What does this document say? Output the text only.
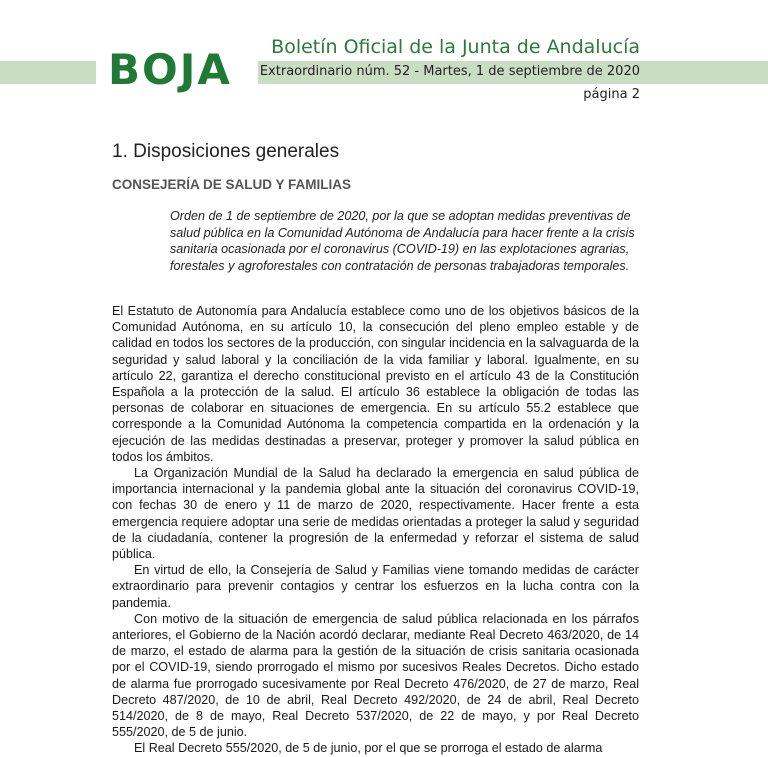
BOJA Boletín Oficial de la Junta de Andalucía
Extraordinario núm. 52 - Martes, 1 de septiembre de 2020
página 2
1. Disposiciones generales
CONSEJERÍA DE SALUD Y FAMILIAS
Orden de 1 de septiembre de 2020, por la que se adoptan medidas preventivas de salud pública en la Comunidad Autónoma de Andalucía para hacer frente a la crisis sanitaria ocasionada por el coronavirus (COVID-19) en las explotaciones agrarias, forestales y agroforestales con contratación de personas trabajadoras temporales.

El Estatuto de Autonomía para Andalucía establece como uno de los objetivos básicos de la Comunidad Autónoma, en su artículo 10, la consecución del pleno empleo estable y de calidad en todos los sectores de la producción, con singular incidencia en la salvaguarda de la seguridad y salud laboral y la conciliación de la vida familiar y laboral. Igualmente, en su artículo 22, garantiza el derecho constitucional previsto en el artículo 43 de la Constitución Española a la protección de la salud. El artículo 36 establece la obligación de todas las personas de colaborar en situaciones de emergencia. En su artículo 55.2 establece que corresponde a la Comunidad Autónoma la competencia compartida en la ordenación y la ejecución de las medidas destinadas a preservar, proteger y promover la salud pública en todos los ámbitos.

La Organización Mundial de la Salud ha declarado la emergencia en salud pública de importancia internacional y la pandemia global ante la situación del coronavirus COVID-19, con fechas 30 de enero y 11 de marzo de 2020, respectivamente. Hacer frente a esta emergencia requiere adoptar una serie de medidas orientadas a proteger la salud y seguridad de la ciudadanía, contener la progresión de la enfermedad y reforzar el sistema de salud pública.

En virtud de ello, la Consejería de Salud y Familias viene tomando medidas de carácter extraordinario para prevenir contagios y centrar los esfuerzos en la lucha contra con la pandemia.

Con motivo de la situación de emergencia de salud pública relacionada en los párrafos anteriores, el Gobierno de la Nación acordó declarar, mediante Real Decreto 463/2020, de 14 de marzo, el estado de alarma para la gestión de la situación de crisis sanitaria ocasionada por el COVID-19, siendo prorrogado el mismo por sucesivos Reales Decretos. Dicho estado de alarma fue prorrogado sucesivamente por Real Decreto 476/2020, de 27 de marzo, Real Decreto 487/2020, de 10 de abril, Real Decreto 492/2020, de 24 de abril, Real Decreto 514/2020, de 8 de mayo, Real Decreto 537/2020, de 22 de mayo, y por Real Decreto 555/2020, de 5 de junio.

El Real Decreto 555/2020, de 5 de junio, por el que se prorroga el estado de alarma
